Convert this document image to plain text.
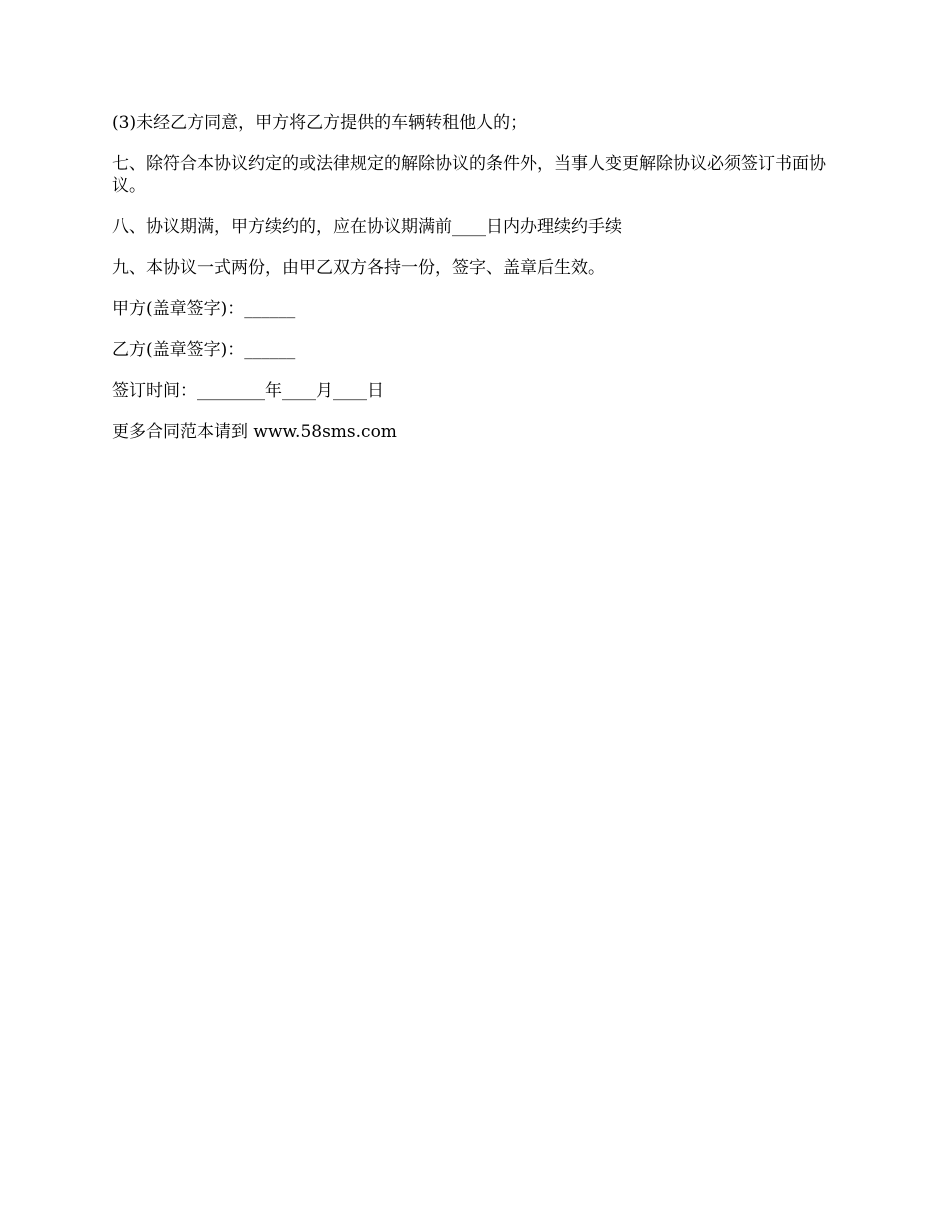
(3)未经乙方同意，甲方将乙方提供的车辆转租他人的；

七、除符合本协议约定的或法律规定的解除协议的条件外，当事人变更解除协议必须签订书面协议。

八、协议期满，甲方续约的，应在协议期满前____日内办理续约手续

九、本协议一式两份，由甲乙双方各持一份，签字、盖章后生效。

甲方(盖章签字)：______

乙方(盖章签字)：______

签订时间：________年____月____日

更多合同范本请到 www.58sms.com
